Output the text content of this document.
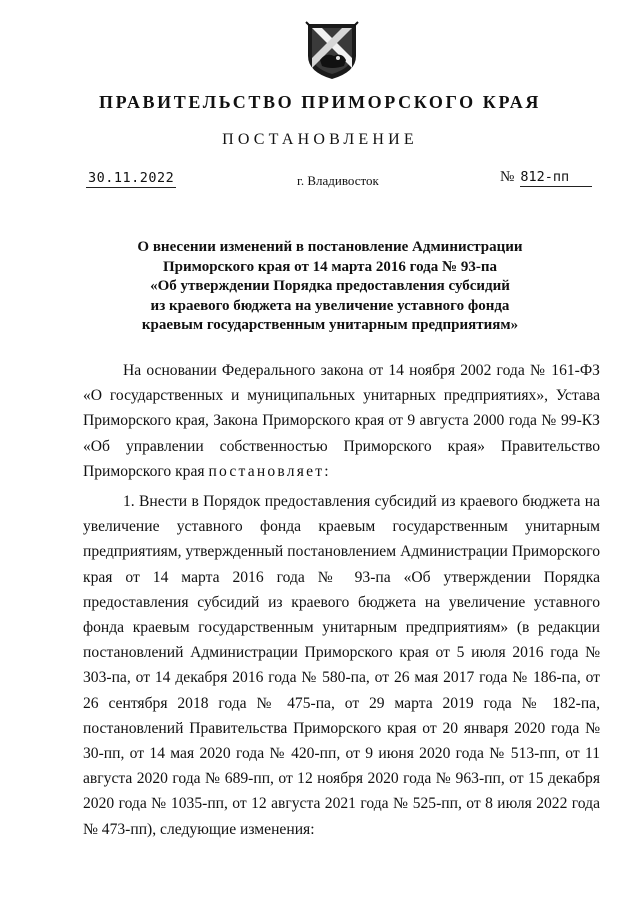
ПРАВИТЕЛЬСТВО ПРИМОРСКОГО КРАЯ
ПОСТАНОВЛЕНИЕ
30.11.2022	г. Владивосток	№ 812-пп
О внесении изменений в постановление Администрации
Приморского края от 14 марта 2016 года № 93-па
«Об утверждении Порядка предоставления субсидий
из краевого бюджета на увеличение уставного фонда
краевым государственным унитарным предприятиям»

На основании Федерального закона от 14 ноября 2002 года № 161-ФЗ «О государственных и муниципальных унитарных предприятиях», Устава Приморского края, Закона Приморского края от 9 августа 2000 года № 99-КЗ «Об управлении собственностью Приморского края» Правительство Приморского края постановляет:

1. Внести в Порядок предоставления субсидий из краевого бюджета на увеличение уставного фонда краевым государственным унитарным предприятиям, утвержденный постановлением Администрации Приморского края от 14 марта 2016 года № 93-па «Об утверждении Порядка предоставления субсидий из краевого бюджета на увеличение уставного фонда краевым государственным унитарным предприятиям» (в редакции постановлений Администрации Приморского края от 5 июля 2016 года № 303-па, от 14 декабря 2016 года № 580-па, от 26 мая 2017 года № 186-па, от 26 сентября 2018 года № 475-па, от 29 марта 2019 года № 182-па, постановлений Правительства Приморского края от 20 января 2020 года № 30-пп, от 14 мая 2020 года № 420-пп, от 9 июня 2020 года № 513-пп, от 11 августа 2020 года № 689-пп, от 12 ноября 2020 года № 963-пп, от 15 декабря 2020 года № 1035-пп, от 12 августа 2021 года № 525-пп, от 8 июля 2022 года № 473-пп), следующие изменения:
